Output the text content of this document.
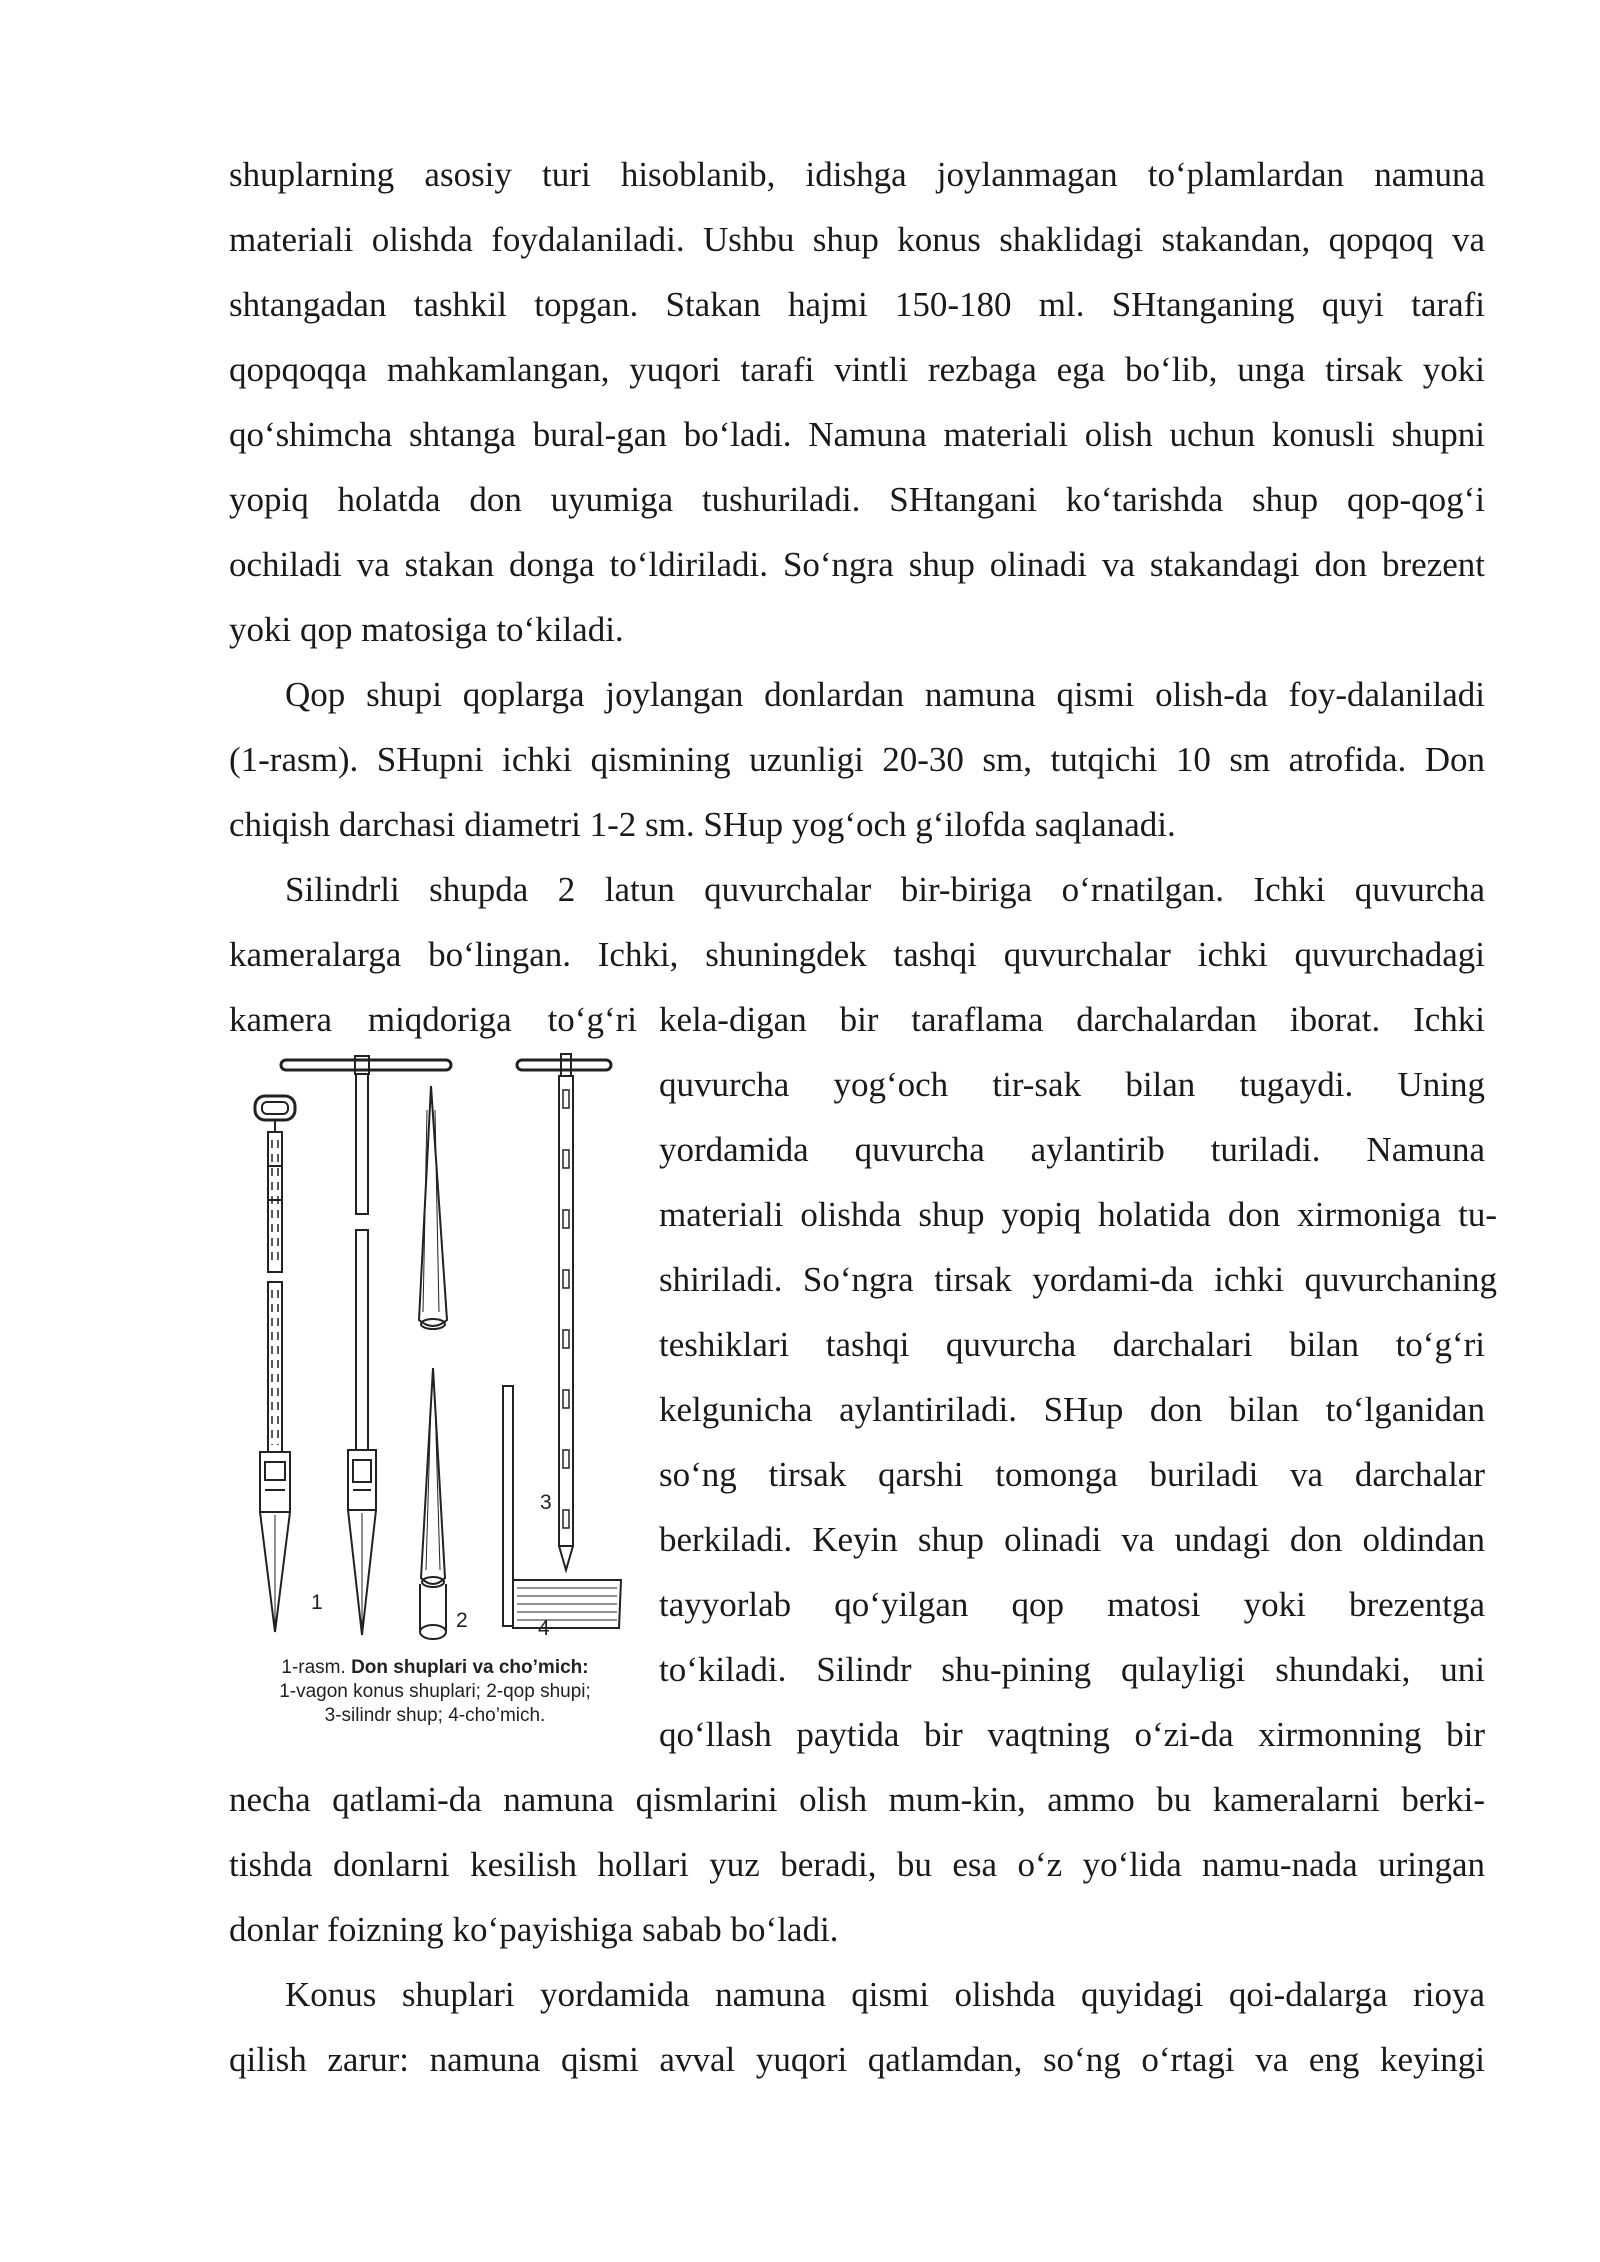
shuplarning asosiy turi hisoblanib, idishga joylanmagan to‘plamlardan namuna
materiali olishda foydalaniladi. Ushbu shup konus shaklidagi stakandan, qopqoq va
shtangadan tashkil topgan. Stakan hajmi 150-180 ml. SHtanganing quyi tarafi
qopqoqqa mahkamlangan, yuqori tarafi vintli rezbaga ega bo‘lib, unga tirsak yoki
qo‘shimcha shtanga bural-gan bo‘ladi. Namuna materiali olish uchun konusli shupni
yopiq holatda don uyumiga tushuriladi. SHtangani ko‘tarishda shup qop-qog‘i
ochiladi va stakan donga to‘ldiriladi. So‘ngra shup olinadi va stakandagi don brezent
yoki qop matosiga to‘kiladi.
Qop shupi qoplarga joylangan donlardan namuna qismi olish-da foy-dalaniladi
(1-rasm). SHupni ichki qismining uzunligi 20-30 sm, tutqichi 10 sm atrofida. Don
chiqish darchasi diametri 1-2 sm. SHup yog‘och g‘ilofda saqlanadi.
Silindrli shupda 2 latun quvurchalar bir-biriga o‘rnatilgan. Ichki quvurcha
kameralarga bo‘lingan. Ichki, shuningdek tashqi quvurchalar ichki quvurchadagi
kamera miqdoriga to‘g‘ri kela-digan bir taraflama darchalardan iborat. Ichki
quvurcha yog‘och tir-sak bilan tugaydi. Uning
yordamida quvurcha aylantirib turiladi. Namuna
materiali olishda shup yopiq holatida don xirmoniga tu-
shiriladi. So‘ngra tirsak yordami-da ichki quvurchaning
teshiklari tashqi quvurcha darchalari bilan to‘g‘ri
kelgunicha aylantiriladi. SHup don bilan to‘lganidan
so‘ng tirsak qarshi tomonga buriladi va darchalar
berkiladi. Keyin shup olinadi va undagi don oldindan
tayyorlab qo‘yilgan qop matosi yoki brezentga
to‘kiladi. Silindr shu-pining qulayligi shundaki, uni
qo‘llash paytida bir vaqtning o‘zi-da xirmonning bir
necha qatlami-da namuna qismlarini olish mum-kin, ammo bu kameralarni berki-
tishda donlarni kesilish hollari yuz beradi, bu esa o‘z yo‘lida namu-nada uringan
donlar foizning ko‘payishiga sabab bo‘ladi.
Konus shuplari yordamida namuna qismi olishda quyidagi qoi-dalarga rioya
qilish zarur: namuna qismi avval yuqori qatlamdan, so‘ng o‘rtagi va eng keyingi
1
2
3
4
1-rasm. Don shuplari va cho’mich:
1-vagon konus shuplari; 2-qop shupi;
3-silindr shup; 4-cho’mich.
